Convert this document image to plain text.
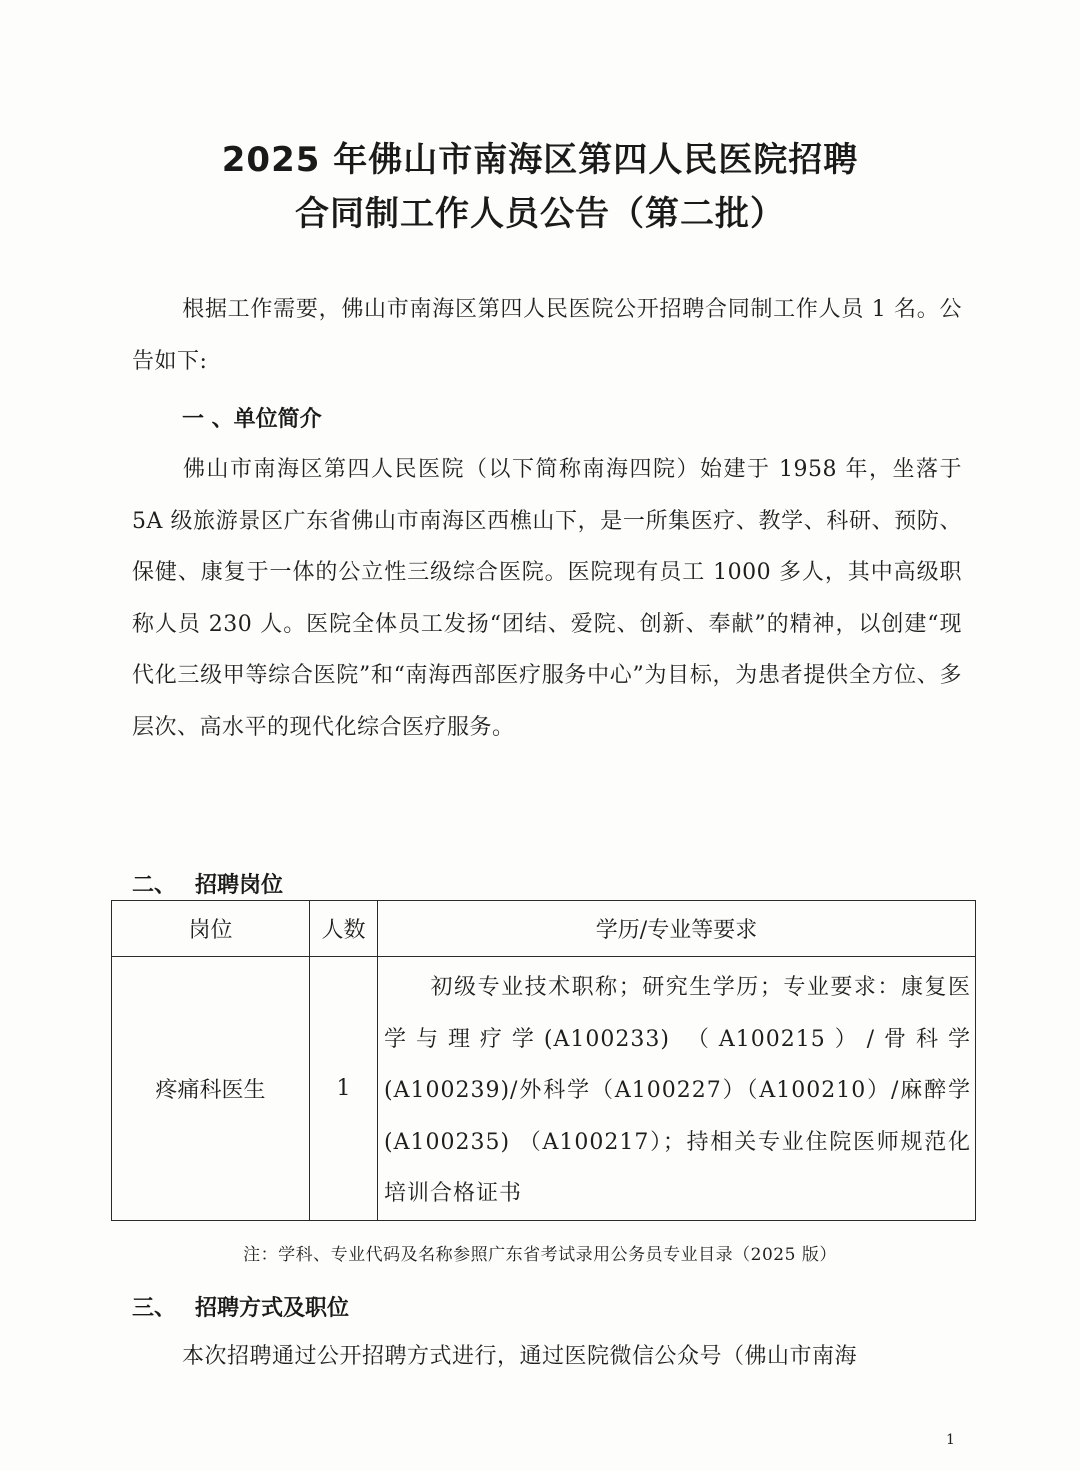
2025 年佛山市南海区第四人民医院招聘
合同制工作人员公告（第二批）
根据工作需要，佛山市南海区第四人民医院公开招聘合同制工作人员 1 名。公告如下:
一 、单位简介
佛山市南海区第四人民医院（以下简称南海四院）始建于 1958 年，坐落于 5A 级旅游景区广东省佛山市南海区西樵山下，是一所集医疗、教学、科研、预防、保健、康复于一体的公立性三级综合医院。医院现有员工 1000 多人，其中高级职称人员 230 人。医院全体员工发扬“团结、爱院、创新、奉献”的精神，以创建“现代化三级甲等综合医院”和“南海西部医疗服务中心”为目标，为患者提供全方位、多层次、高水平的现代化综合医疗服务。
二、 招聘岗位
岗位	人数	学历/专业等要求
疼痛科医生	1	初级专业技术职称；研究生学历；专业要求：康复医学与理疗学(A100233) （A100215）/骨科学(A100239)/外科学（A100227）（A100210）/麻醉学(A100235) （A100217）；持相关专业住院医师规范化培训合格证书
注：学科、专业代码及名称参照广东省考试录用公务员专业目录（2025 版）
三、 招聘方式及职位
本次招聘通过公开招聘方式进行，通过医院微信公众号（佛山市南海
1
